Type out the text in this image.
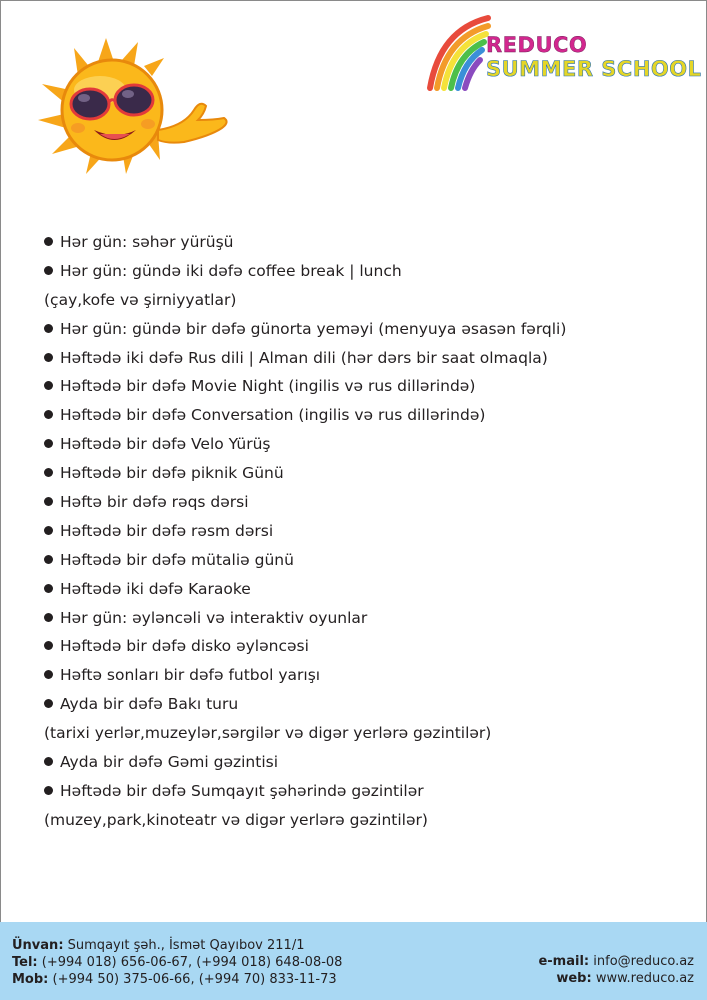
REDUCO
SUMMER SCHOOL
Hər gün: səhər yürüşü
Hər gün: gündə iki dəfə coffee break | lunch
(çay,kofe və şirniyyatlar)
Hər gün: gündə bir dəfə günorta yeməyi (menyuya əsasən fərqli)
Həftədə iki dəfə Rus dili | Alman dili (hər dərs bir saat olmaqla)
Həftədə bir dəfə Movie Night (ingilis və rus dillərində)
Həftədə bir dəfə Conversation (ingilis və rus dillərində)
Həftədə bir dəfə Velo Yürüş
Həftədə bir dəfə piknik Günü
Həftə bir dəfə rəqs dərsi
Həftədə bir dəfə rəsm dərsi
Həftədə bir dəfə mütaliə günü
Həftədə iki dəfə Karaoke
Hər gün: əyləncəli və interaktiv oyunlar
Həftədə bir dəfə disko əyləncəsi
Həftə sonları bir dəfə futbol yarışı
Ayda bir dəfə Bakı turu
(tarixi yerlər,muzeylər,sərgilər və digər yerlərə gəzintilər)
Ayda bir dəfə Gəmi gəzintisi
Həftədə bir dəfə Sumqayıt şəhərində gəzintilər
(muzey,park,kinoteatr və digər yerlərə gəzintilər)
Ünvan: Sumqayıt şəh., İsmət Qayıbov 211/1
Tel: (+994 018) 656-06-67, (+994 018) 648-08-08
Mob: (+994 50) 375-06-66, (+994 70) 833-11-73
e-mail: info@reduco.az
web: www.reduco.az
